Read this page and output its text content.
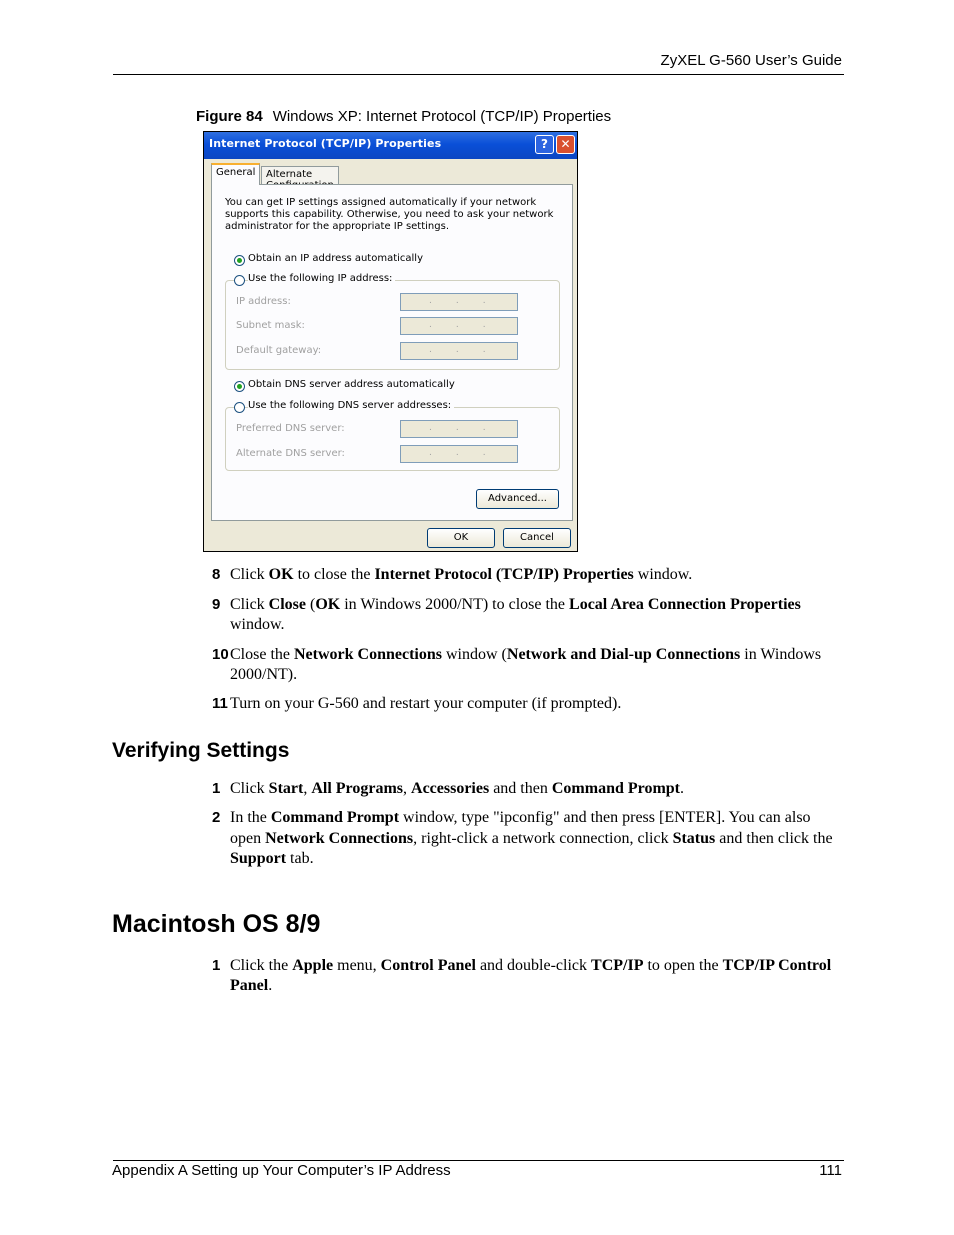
ZyXEL G-560 User’s Guide
Figure 84 Windows XP: Internet Protocol (TCP/IP) Properties
Internet Protocol (TCP/IP) Properties	?	✕
General	Alternate
You can get IP settings assigned automatically if your network supports this capability. Otherwise, you need to ask your network administrator for the appropriate IP settings.
Obtain an IP address automatically
Use the following IP address:
IP address:	...
Subnet mask:	...
Default gateway:	...
Obtain DNS server address automatically
Use the following DNS server addresses:
Preferred DNS server:	...
Alternate DNS server:	...
Advanced...
OK	Cancel
8 Click OK to close the Internet Protocol (TCP/IP) Properties window.
9 Click Close (OK in Windows 2000/NT) to close the Local Area Connection Properties window.
10 Close the Network Connections window (Network and Dial-up Connections in Windows 2000/NT).
11 Turn on your G-560 and restart your computer (if prompted).
Verifying Settings
1 Click Start, All Programs, Accessories and then Command Prompt.
2 In the Command Prompt window, type "ipconfig" and then press [ENTER]. You can also open Network Connections, right-click a network connection, click Status and then click the Support tab.
Macintosh OS 8/9
1 Click the Apple menu, Control Panel and double-click TCP/IP to open the TCP/IP Control Panel.
Appendix A Setting up Your Computer’s IP Address	111
